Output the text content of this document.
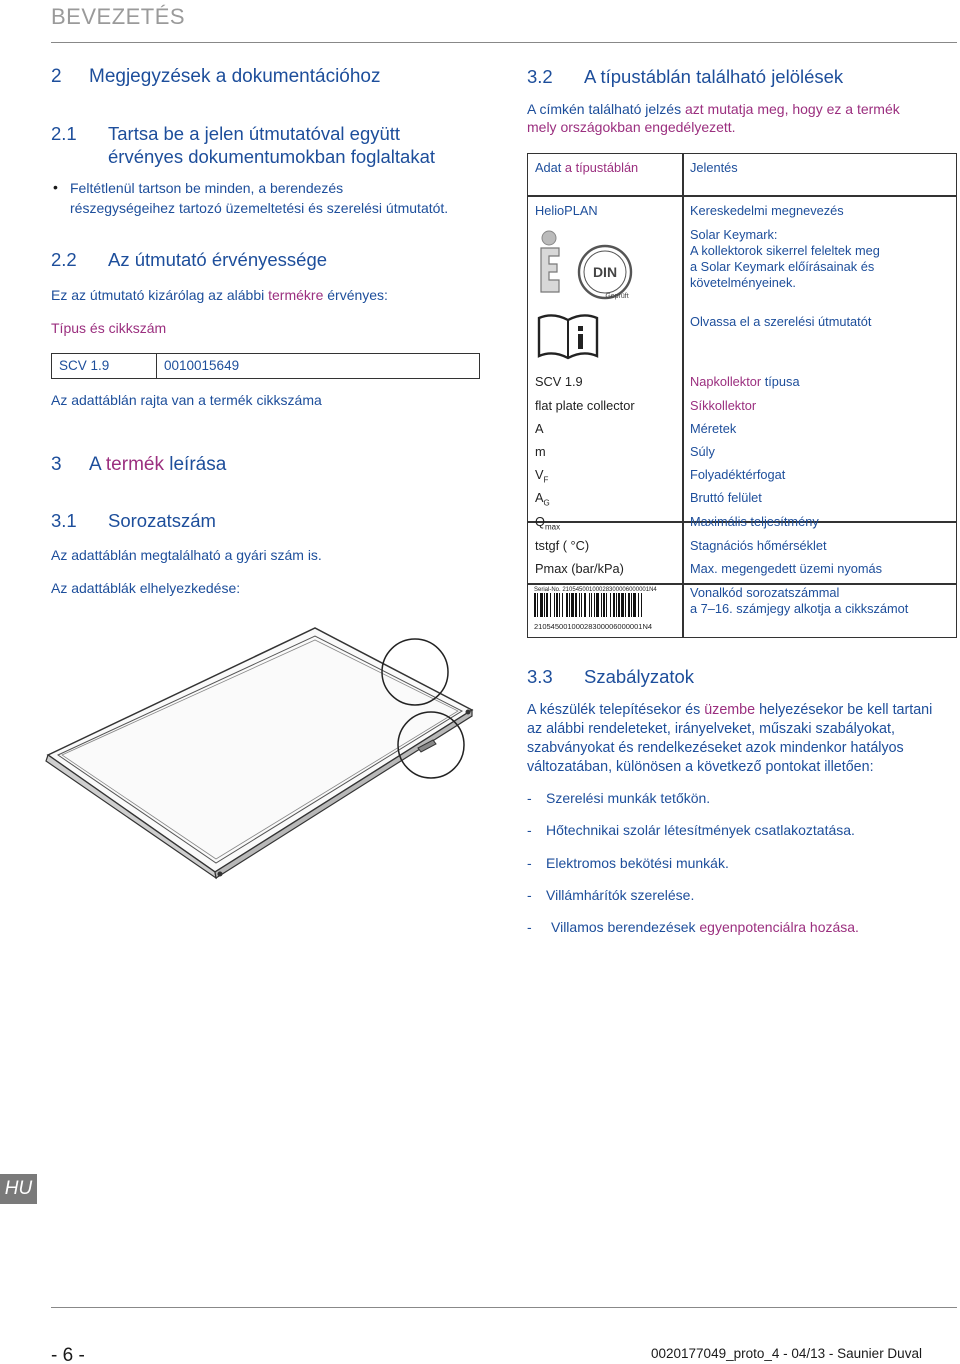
BEVEZETÉS
2 Megjegyzések a dokumentációhoz
2.1 Tartsa be a jelen útmutatóval együtt
érvényes dokumentumokban foglaltakat
• Feltétlenül tartson be minden, a berendezés
részegységeihez tartozó üzemeltetési és szerelési útmutatót.
2.2 Az útmutató érvényessége
Ez az útmutató kizárólag az alábbi termékre érvényes:
Típus és cikkszám
SCV 1.9	0010015649
Az adattáblán rajta van a termék cikkszáma
3 A termék leírása
3.1 Sorozatszám
Az adattáblán megtalálható a gyári szám is.
Az adattáblák elhelyezkedése:
3.2 A típustáblán található jelölések
A címkén található jelzés azt mutatja meg, hogy ez a termék
mely országokban engedélyezett.
Adat a típustáblán	Jelentés
HelioPLAN	Kereskedelmi megnevezés
DIN
Geprüft
Solar Keymark:
A kollektorok sikerrel feleltek meg
a Solar Keymark előírásainak és
követelményeinek.
Olvassa el a szerelési útmutatót
SCV 1.9	Napkollektor típusa
flat plate collector	Síkkollektor
A	Méretek
m	Súly
$V_F$	Folyadéktérfogat
$A_G$	Bruttó felület
$Q_{max}$	Maximális teljesítmény
tstgf ( °C)	Stagnációs hőmérséklet
Pmax (bar/kPa)	Max. megengedett üzemi nyomás
Serial-No. 21054500100028300006000001N4
21054500100028300006000001N4
Vonalkód sorozatszámmal
a 7–16. számjegy alkotja a cikkszámot
3.3 Szabályzatok
A készülék telepítésekor és üzembe helyezésekor be kell tartani
az alábbi rendeleteket, irányelveket, műszaki szabályokat,
szabványokat és rendelkezéseket azok mindenkor hatályos
változatában, különösen a következő pontokat illetően:
- Szerelési munkák tetőkön.
- Hőtechnikai szolár létesítmények csatlakoztatása.
- Elektromos bekötési munkák.
- Villámhárítók szerelése.
- Villamos berendezések egyenpotenciálra hozása.
HU
- 6 -	0020177049_proto_4 - 04/13 - Saunier Duval
